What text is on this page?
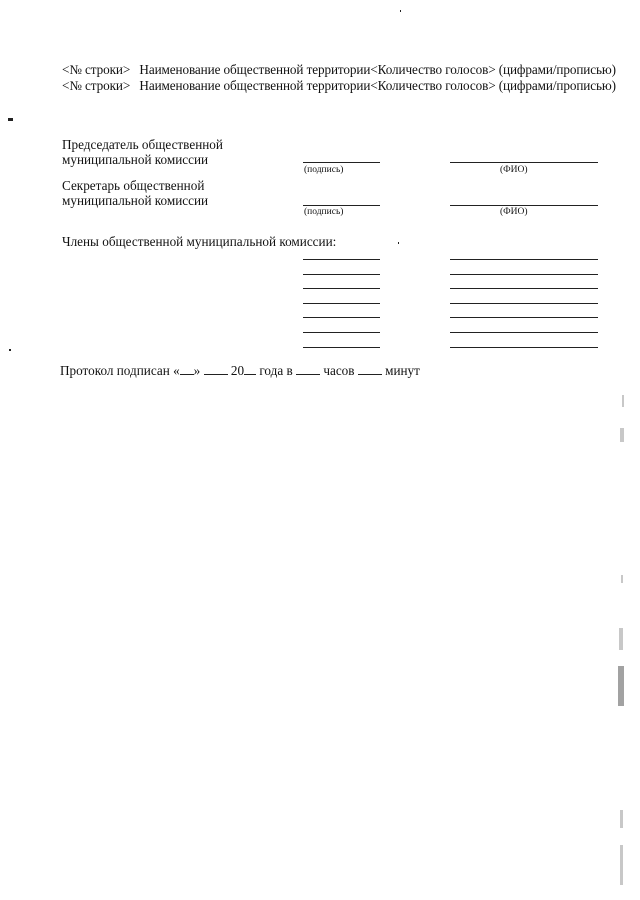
<№ строки> Наименование общественной территории<Количество голосов> (цифрами/прописью)
<№ строки> Наименование общественной территории<Количество голосов> (цифрами/прописью)
Председатель общественной
муниципальной комиссии
(подпись)	(ФИО)
Секретарь общественной
муниципальной комиссии
(подпись)	(ФИО)
Члены общественной муниципальной комиссии:
Протокол подписан « » 20 года в часов минут
